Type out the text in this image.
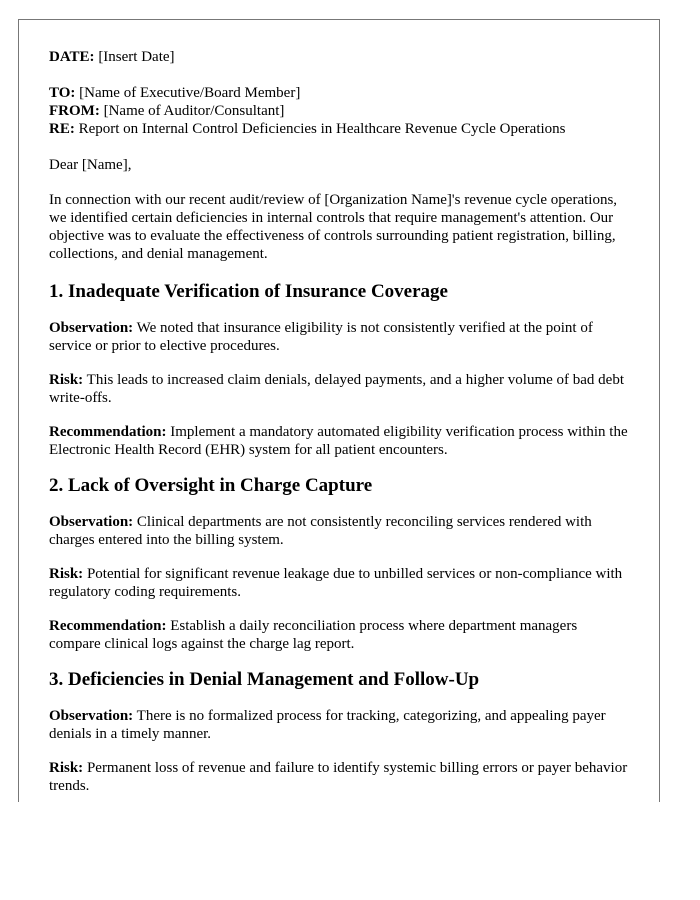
DATE: [Insert Date]

TO: [Name of Executive/Board Member]

FROM: [Name of Auditor/Consultant]

RE: Report on Internal Control Deficiencies in Healthcare Revenue Cycle Operations

Dear [Name],

In connection with our recent audit/review of [Organization Name]'s revenue cycle operations, we identified certain deficiencies in internal controls that require management's attention. Our objective was to evaluate the effectiveness of controls surrounding patient registration, billing, collections, and denial management.

1. Inadequate Verification of Insurance Coverage

Observation: We noted that insurance eligibility is not consistently verified at the point of service or prior to elective procedures.

Risk: This leads to increased claim denials, delayed payments, and a higher volume of bad debt write-offs.

Recommendation: Implement a mandatory automated eligibility verification process within the Electronic Health Record (EHR) system for all patient encounters.

2. Lack of Oversight in Charge Capture

Observation: Clinical departments are not consistently reconciling services rendered with charges entered into the billing system.

Risk: Potential for significant revenue leakage due to unbilled services or non-compliance with regulatory coding requirements.

Recommendation: Establish a daily reconciliation process where department managers compare clinical logs against the charge lag report.

3. Deficiencies in Denial Management and Follow-Up

Observation: There is no formalized process for tracking, categorizing, and appealing payer denials in a timely manner.

Risk: Permanent loss of revenue and failure to identify systemic billing errors or payer behavior trends.
